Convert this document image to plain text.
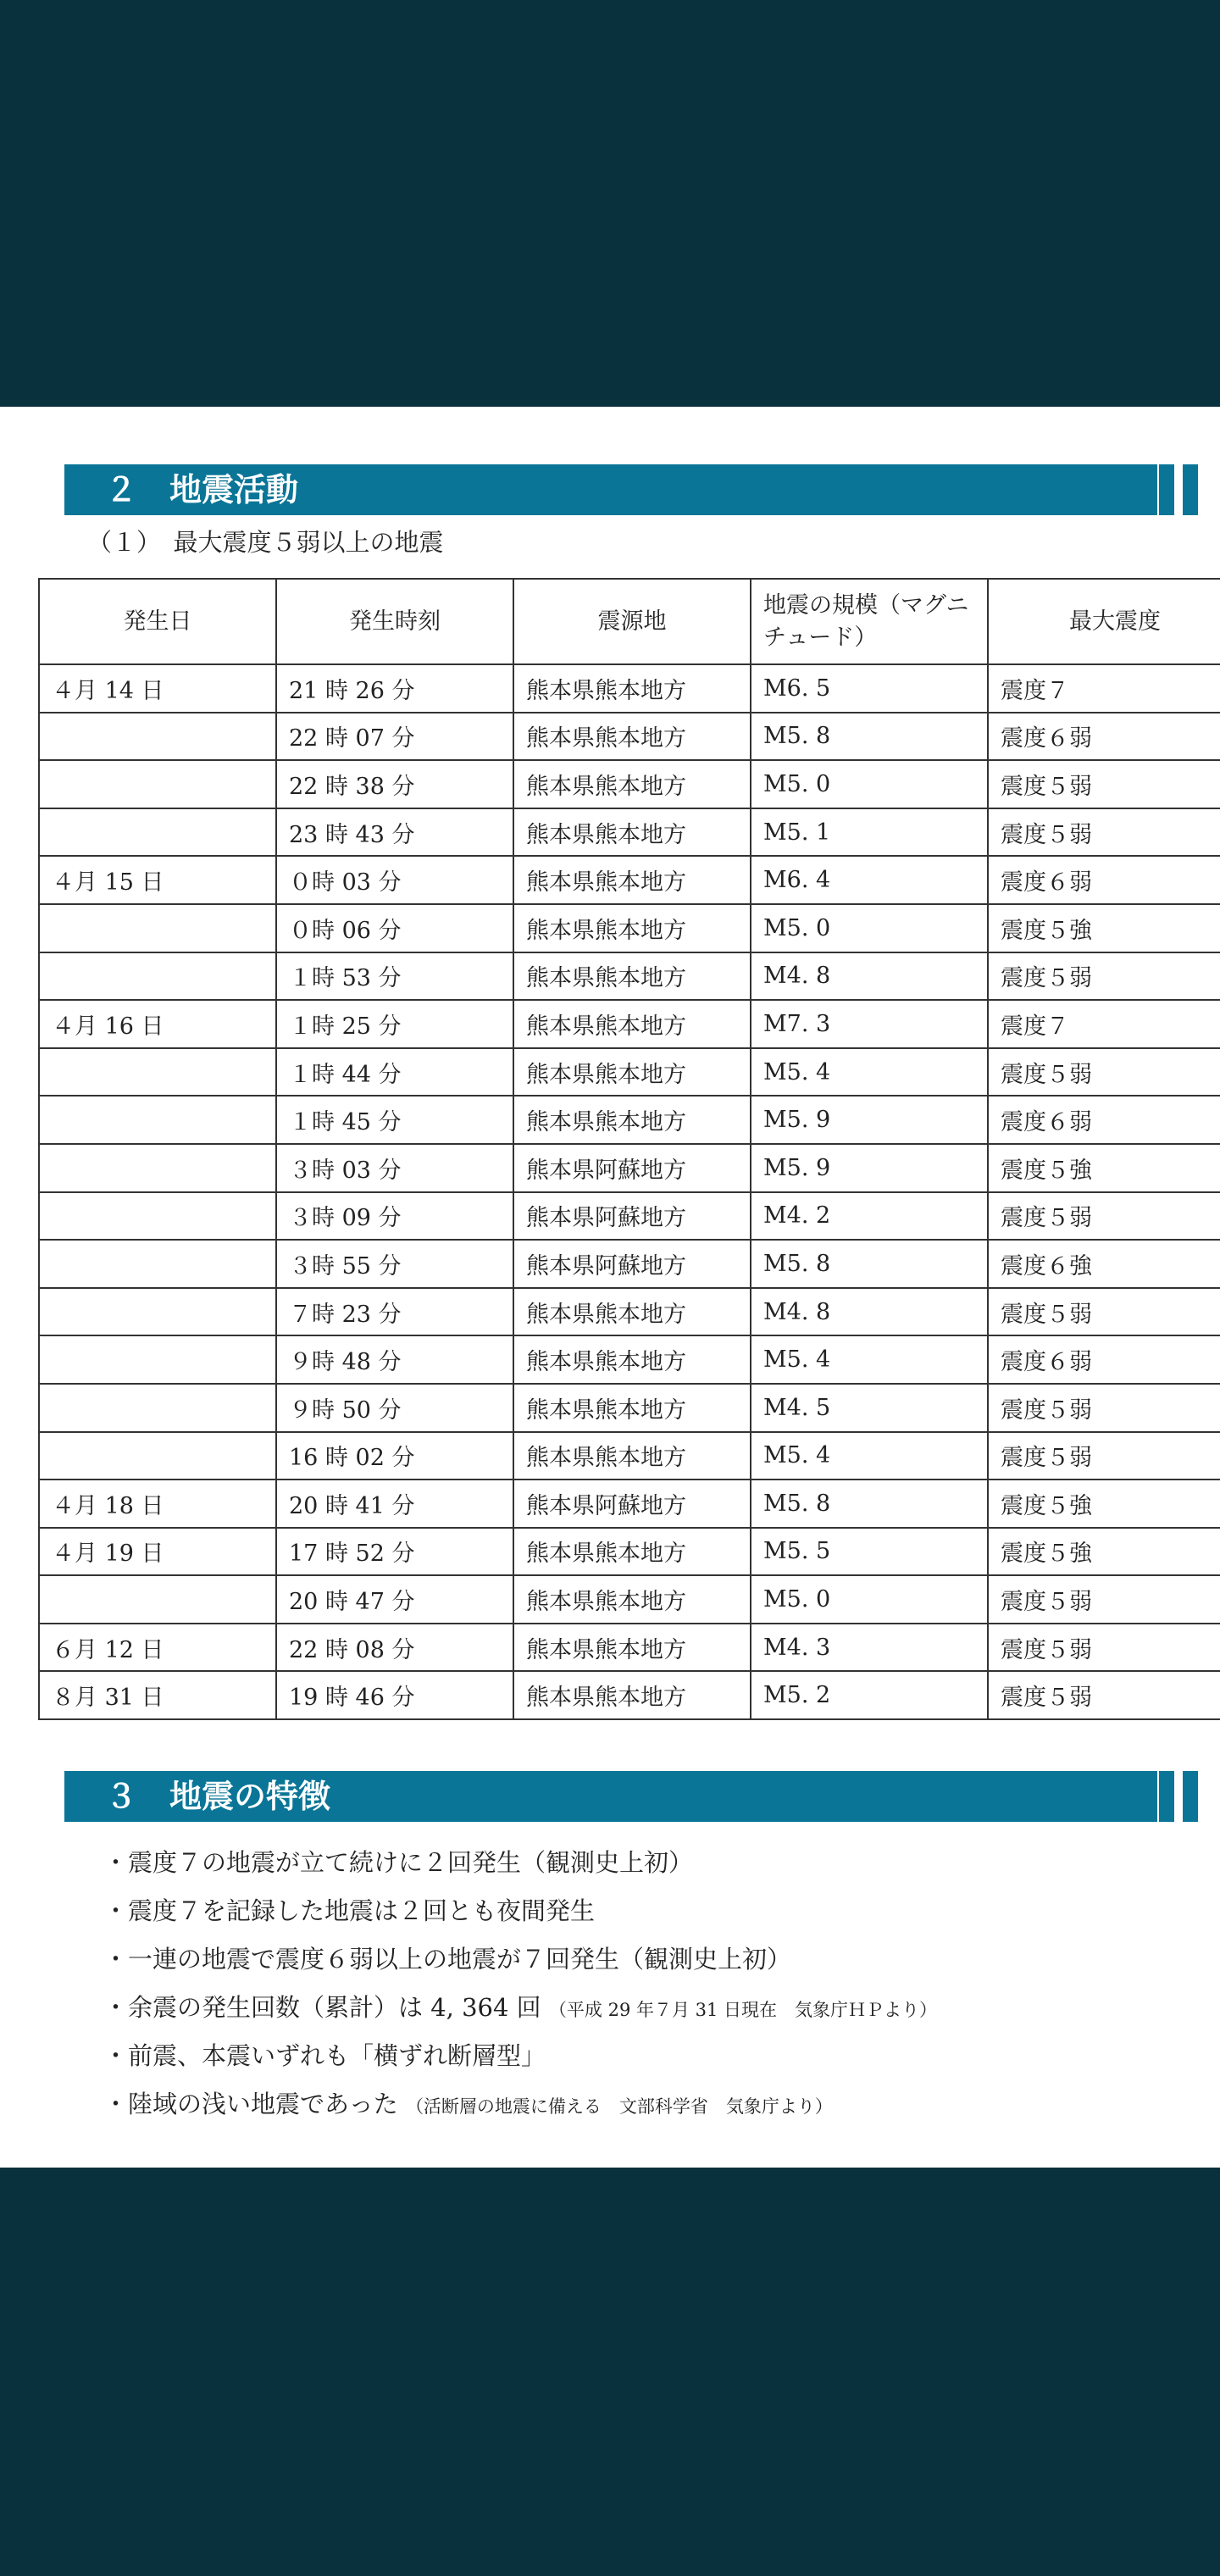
２　地震活動
（１）　最大震度５弱以上の地震
発生日	発生時刻	震源地	地震の規模（マグニチュード）	最大震度
４月 14 日	21 時 26 分	熊本県熊本地方	M6. 5	震度７
	22 時 07 分	熊本県熊本地方	M5. 8	震度６弱
	22 時 38 分	熊本県熊本地方	M5. 0	震度５弱
	23 時 43 分	熊本県熊本地方	M5. 1	震度５弱
４月 15 日	０時 03 分	熊本県熊本地方	M6. 4	震度６弱
	０時 06 分	熊本県熊本地方	M5. 0	震度５強
	１時 53 分	熊本県熊本地方	M4. 8	震度５弱
４月 16 日	１時 25 分	熊本県熊本地方	M7. 3	震度７
	１時 44 分	熊本県熊本地方	M5. 4	震度５弱
	１時 45 分	熊本県熊本地方	M5. 9	震度６弱
	３時 03 分	熊本県阿蘇地方	M5. 9	震度５強
	３時 09 分	熊本県阿蘇地方	M4. 2	震度５弱
	３時 55 分	熊本県阿蘇地方	M5. 8	震度６強
	７時 23 分	熊本県熊本地方	M4. 8	震度５弱
	９時 48 分	熊本県熊本地方	M5. 4	震度６弱
	９時 50 分	熊本県熊本地方	M4. 5	震度５弱
	16 時 02 分	熊本県熊本地方	M5. 4	震度５弱
４月 18 日	20 時 41 分	熊本県阿蘇地方	M5. 8	震度５強
４月 19 日	17 時 52 分	熊本県熊本地方	M5. 5	震度５強
	20 時 47 分	熊本県熊本地方	M5. 0	震度５弱
６月 12 日	22 時 08 分	熊本県熊本地方	M4. 3	震度５弱
８月 31 日	19 時 46 分	熊本県熊本地方	M5. 2	震度５弱
３　地震の特徴
・震度７の地震が立て続けに２回発生（観測史上初）
・震度７を記録した地震は２回とも夜間発生
・一連の地震で震度６弱以上の地震が７回発生（観測史上初）
・余震の発生回数（累計）は 4, 364 回 （平成 29 年７月 31 日現在　気象庁ＨＰより）
・前震、本震いずれも「横ずれ断層型」
・陸域の浅い地震であった （活断層の地震に備える　文部科学省　気象庁より）
